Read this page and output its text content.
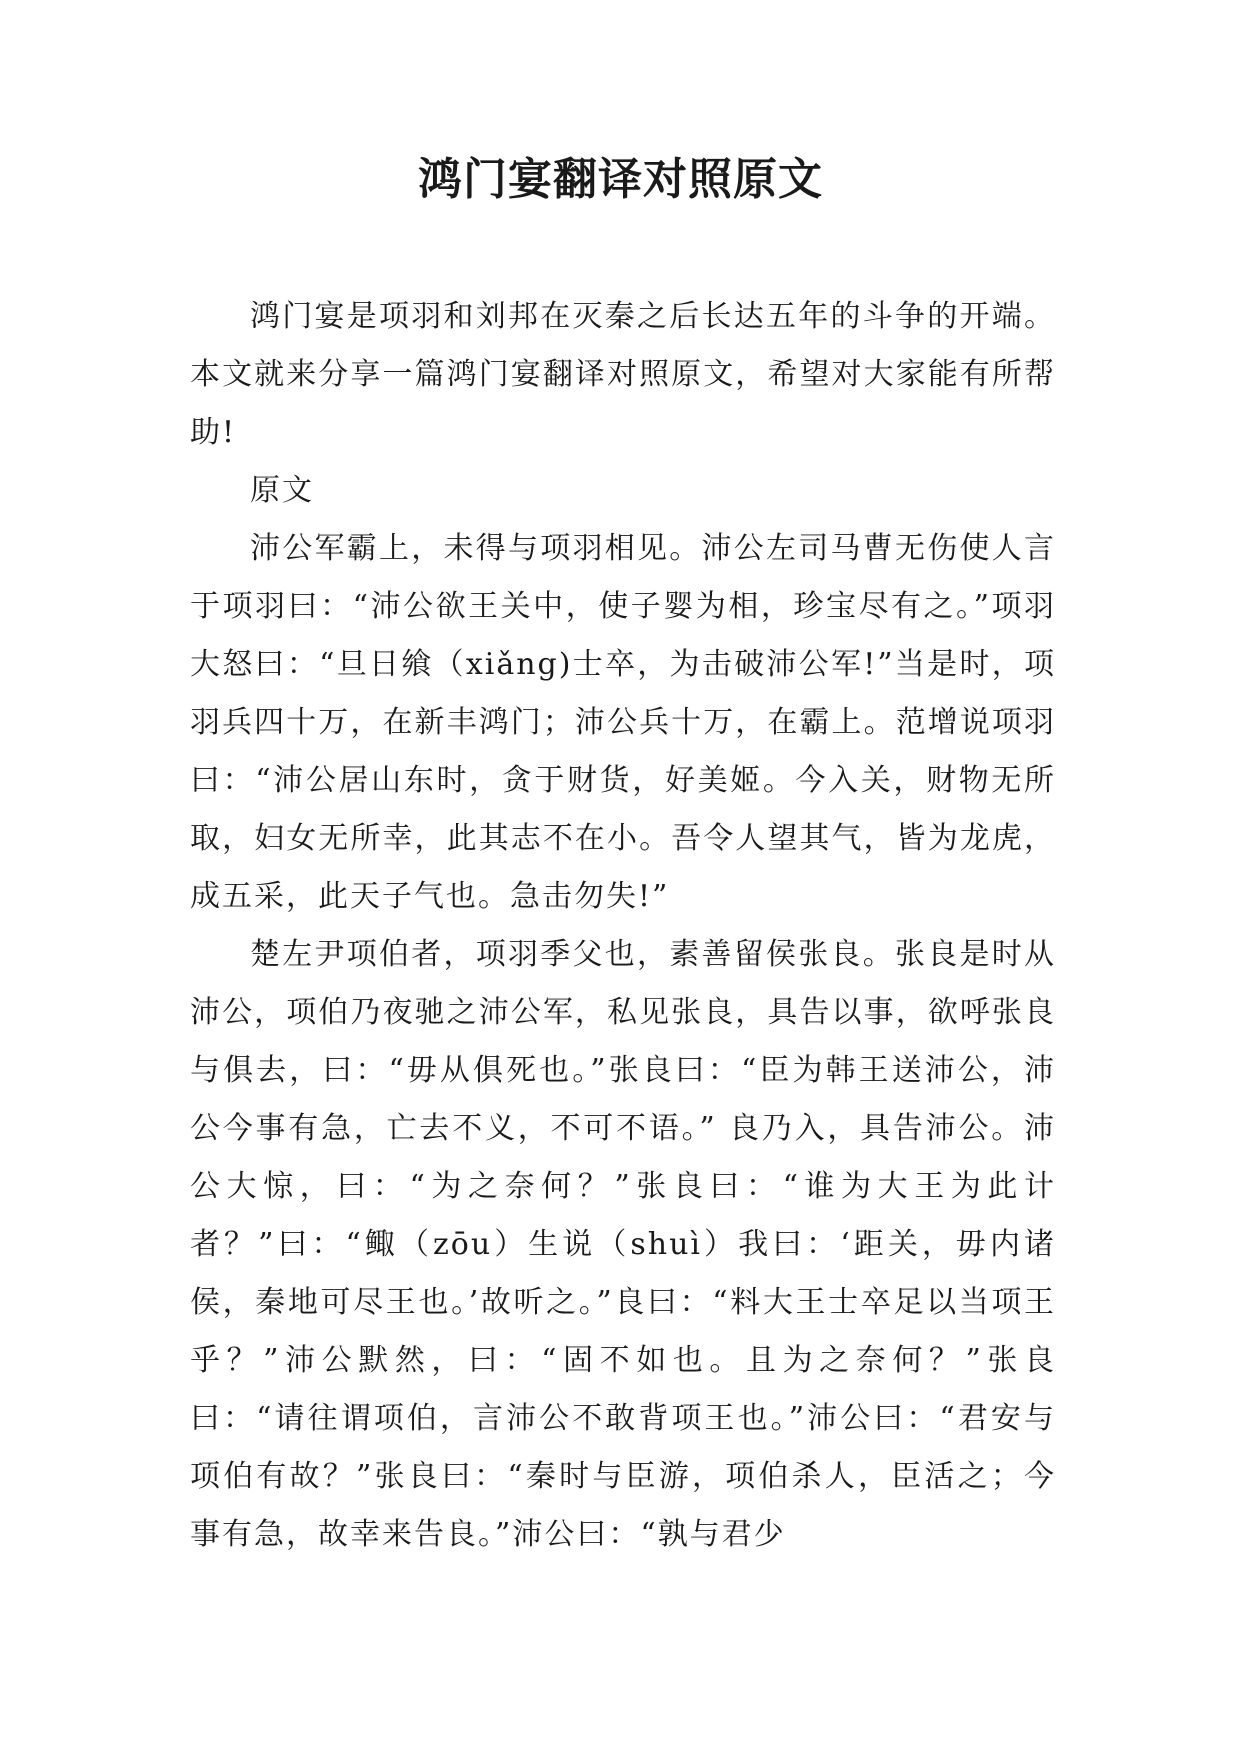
鸿门宴翻译对照原文

鸿门宴是项羽和刘邦在灭秦之后长达五年的斗争的开端。本文就来分享一篇鸿门宴翻译对照原文，希望对大家能有所帮助!

原文

沛公军霸上，未得与项羽相见。沛公左司马曹无伤使人言于项羽曰：“沛公欲王关中，使子婴为相，珍宝尽有之。”项羽大怒曰：“旦日飨（xiǎng)士卒，为击破沛公军!”当是时，项羽兵四十万，在新丰鸿门；沛公兵十万，在霸上。范增说项羽曰：“沛公居山东时，贪于财货，好美姬。今入关，财物无所取，妇女无所幸，此其志不在小。吾令人望其气，皆为龙虎，成五采，此天子气也。急击勿失!”

楚左尹项伯者，项羽季父也，素善留侯张良。张良是时从沛公，项伯乃夜驰之沛公军，私见张良，具告以事，欲呼张良与俱去，曰：“毋从俱死也。”张良曰：“臣为韩王送沛公，沛公今事有急，亡去不义，不可不语。” 良乃入，具告沛公。沛公大惊，曰：“为之奈何？”张良曰：“谁为大王为此计者？”曰：“鲰（zōu）生说（shuì）我曰：‘距关，毋内诸侯，秦地可尽王也。’故听之。”良曰：“料大王士卒足以当项王乎？”沛公默然，曰：“固不如也。且为之奈何？”张良曰：“请往谓项伯，言沛公不敢背项王也。”沛公曰：“君安与项伯有故？”张良曰：“秦时与臣游，项伯杀人，臣活之；今事有急，故幸来告良。”沛公曰：“孰与君少
